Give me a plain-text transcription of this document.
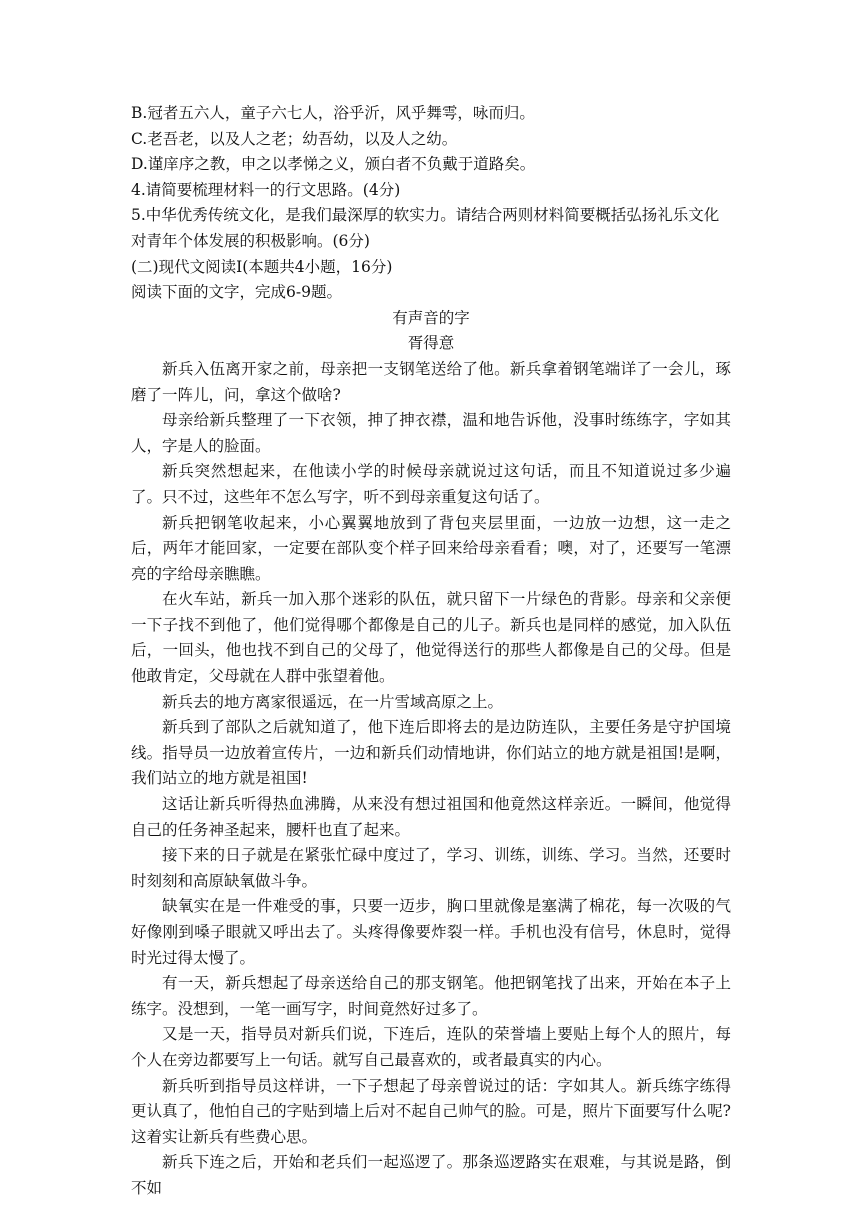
B.冠者五六人，童子六七人，浴乎沂，风乎舞雩，咏而归。

C.老吾老，以及人之老；幼吾幼，以及人之幼。

D.谨庠序之教，申之以孝悌之义，颁白者不负戴于道路矣。

4.请简要梳理材料一的行文思路。(4分)

5.中华优秀传统文化，是我们最深厚的软实力。请结合两则材料简要概括弘扬礼乐文化对青年个体发展的积极影响。(6分)

(二)现代文阅读Ⅰ(本题共4小题，16分)

阅读下面的文字，完成6-9题。

有声音的字

胥得意

新兵入伍离开家之前，母亲把一支钢笔送给了他。新兵拿着钢笔端详了一会儿，琢磨了一阵儿，问，拿这个做啥?

母亲给新兵整理了一下衣领，抻了抻衣襟，温和地告诉他，没事时练练字，字如其人，字是人的脸面。

新兵突然想起来，在他读小学的时候母亲就说过这句话，而且不知道说过多少遍了。只不过，这些年不怎么写字，听不到母亲重复这句话了。

新兵把钢笔收起来，小心翼翼地放到了背包夹层里面，一边放一边想，这一走之后，两年才能回家，一定要在部队变个样子回来给母亲看看；噢，对了，还要写一笔漂亮的字给母亲瞧瞧。

在火车站，新兵一加入那个迷彩的队伍，就只留下一片绿色的背影。母亲和父亲便一下子找不到他了，他们觉得哪个都像是自己的儿子。新兵也是同样的感觉，加入队伍后，一回头，他也找不到自己的父母了，他觉得送行的那些人都像是自己的父母。但是他敢肯定，父母就在人群中张望着他。

新兵去的地方离家很遥远，在一片雪域高原之上。

新兵到了部队之后就知道了，他下连后即将去的是边防连队，主要任务是守护国境线。指导员一边放着宣传片，一边和新兵们动情地讲，你们站立的地方就是祖国!是啊，我们站立的地方就是祖国!

这话让新兵听得热血沸腾，从来没有想过祖国和他竟然这样亲近。一瞬间，他觉得自己的任务神圣起来，腰杆也直了起来。

接下来的日子就是在紧张忙碌中度过了，学习、训练，训练、学习。当然，还要时时刻刻和高原缺氧做斗争。

缺氧实在是一件难受的事，只要一迈步，胸口里就像是塞满了棉花，每一次吸的气好像刚到嗓子眼就又呼出去了。头疼得像要炸裂一样。手机也没有信号，休息时，觉得时光过得太慢了。

有一天，新兵想起了母亲送给自己的那支钢笔。他把钢笔找了出来，开始在本子上练字。没想到，一笔一画写字，时间竟然好过多了。

又是一天，指导员对新兵们说，下连后，连队的荣誉墙上要贴上每个人的照片，每个人在旁边都要写上一句话。就写自己最喜欢的，或者最真实的内心。

新兵听到指导员这样讲，一下子想起了母亲曾说过的话：字如其人。新兵练字练得更认真了，他怕自己的字贴到墙上后对不起自己帅气的脸。可是，照片下面要写什么呢?这着实让新兵有些费心思。

新兵下连之后，开始和老兵们一起巡逻了。那条巡逻路实在艰难，与其说是路，倒不如
